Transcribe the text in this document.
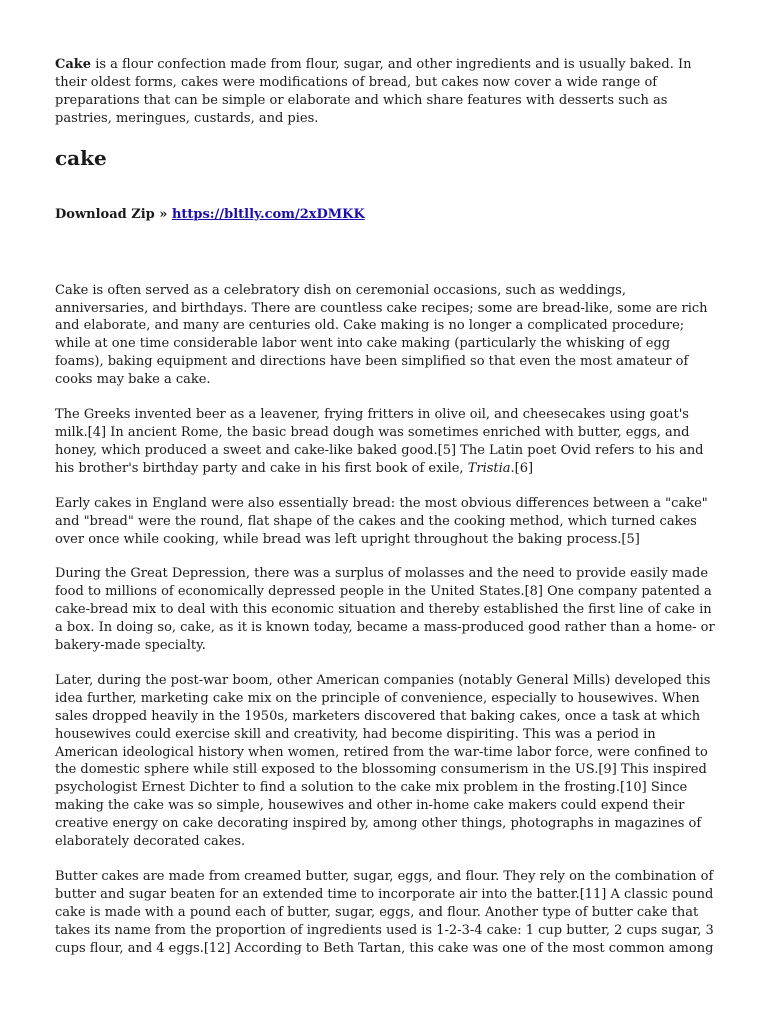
Cake is a flour confection made from flour, sugar, and other ingredients and is usually baked. In their oldest forms, cakes were modifications of bread, but cakes now cover a wide range of preparations that can be simple or elaborate and which share features with desserts such as pastries, meringues, custards, and pies.

cake
Download Zip » https://bltlly.com/2xDMKK

Cake is often served as a celebratory dish on ceremonial occasions, such as weddings, anniversaries, and birthdays. There are countless cake recipes; some are bread-like, some are rich and elaborate, and many are centuries old. Cake making is no longer a complicated procedure; while at one time considerable labor went into cake making (particularly the whisking of egg foams), baking equipment and directions have been simplified so that even the most amateur of cooks may bake a cake.

The Greeks invented beer as a leavener, frying fritters in olive oil, and cheesecakes using goat's milk.[4] In ancient Rome, the basic bread dough was sometimes enriched with butter, eggs, and honey, which produced a sweet and cake-like baked good.[5] The Latin poet Ovid refers to his and his brother's birthday party and cake in his first book of exile, Tristia.[6]

Early cakes in England were also essentially bread: the most obvious differences between a "cake" and "bread" were the round, flat shape of the cakes and the cooking method, which turned cakes over once while cooking, while bread was left upright throughout the baking process.[5]

During the Great Depression, there was a surplus of molasses and the need to provide easily made food to millions of economically depressed people in the United States.[8] One company patented a cake-bread mix to deal with this economic situation and thereby established the first line of cake in a box. In doing so, cake, as it is known today, became a mass-produced good rather than a home- or bakery-made specialty.

Later, during the post-war boom, other American companies (notably General Mills) developed this idea further, marketing cake mix on the principle of convenience, especially to housewives. When sales dropped heavily in the 1950s, marketers discovered that baking cakes, once a task at which housewives could exercise skill and creativity, had become dispiriting. This was a period in American ideological history when women, retired from the war-time labor force, were confined to the domestic sphere while still exposed to the blossoming consumerism in the US.[9] This inspired psychologist Ernest Dichter to find a solution to the cake mix problem in the frosting.[10] Since making the cake was so simple, housewives and other in-home cake makers could expend their creative energy on cake decorating inspired by, among other things, photographs in magazines of elaborately decorated cakes.

Butter cakes are made from creamed butter, sugar, eggs, and flour. They rely on the combination of butter and sugar beaten for an extended time to incorporate air into the batter.[11] A classic pound cake is made with a pound each of butter, sugar, eggs, and flour. Another type of butter cake that takes its name from the proportion of ingredients used is 1-2-3-4 cake: 1 cup butter, 2 cups sugar, 3 cups flour, and 4 eggs.[12] According to Beth Tartan, this cake was one of the most common among
